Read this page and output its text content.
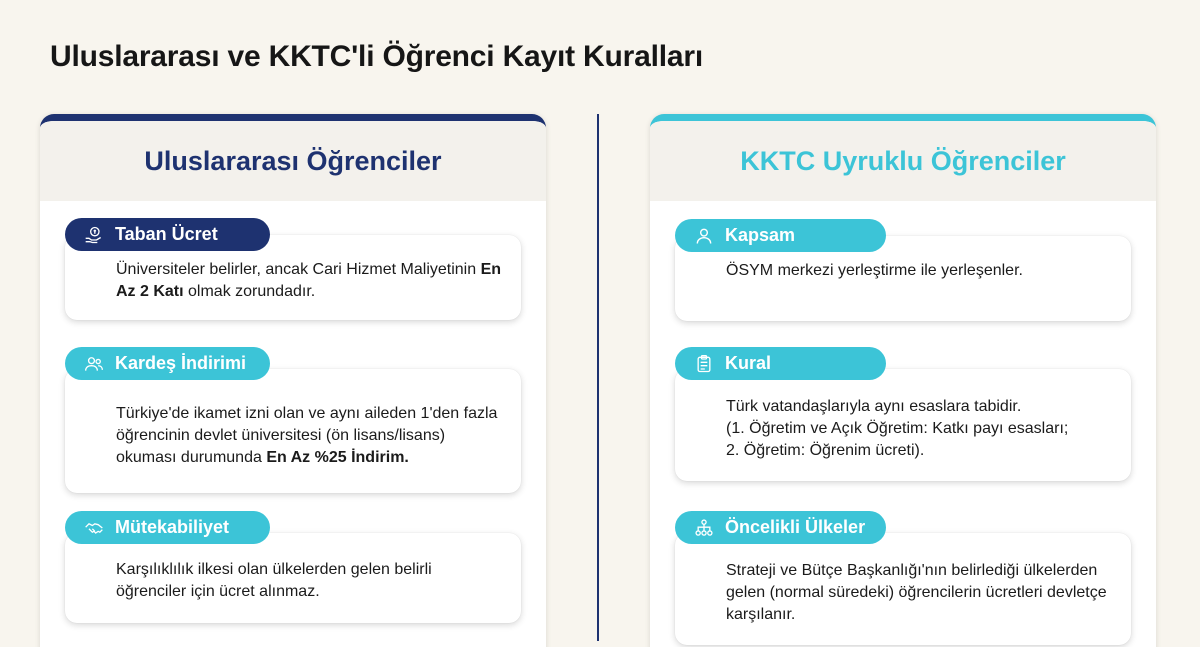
Uluslararası ve KKTC'li Öğrenci Kayıt Kuralları
Uluslararası Öğrenciler
Taban Ücret
Üniversiteler belirler, ancak Cari Hizmet Maliyetinin En Az 2 Katı olmak zorundadır.
Kardeş İndirimi
Türkiye'de ikamet izni olan ve aynı aileden 1'den fazla öğrencinin devlet üniversitesi (ön lisans/lisans) okuması durumunda En Az %25 İndirim.
Mütekabiliyet
Karşılıklılık ilkesi olan ülkelerden gelen belirli öğrenciler için ücret alınmaz.
KKTC Uyruklu Öğrenciler
Kapsam
ÖSYM merkezi yerleştirme ile yerleşenler.
Kural
Türk vatandaşlarıyla aynı esaslara tabidir.
(1. Öğretim ve Açık Öğretim: Katkı payı esasları;
2. Öğretim: Öğrenim ücreti).
Öncelikli Ülkeler
Strateji ve Bütçe Başkanlığı'nın belirlediği ülkelerden gelen (normal süredeki) öğrencilerin ücretleri devletçe karşılanır.
